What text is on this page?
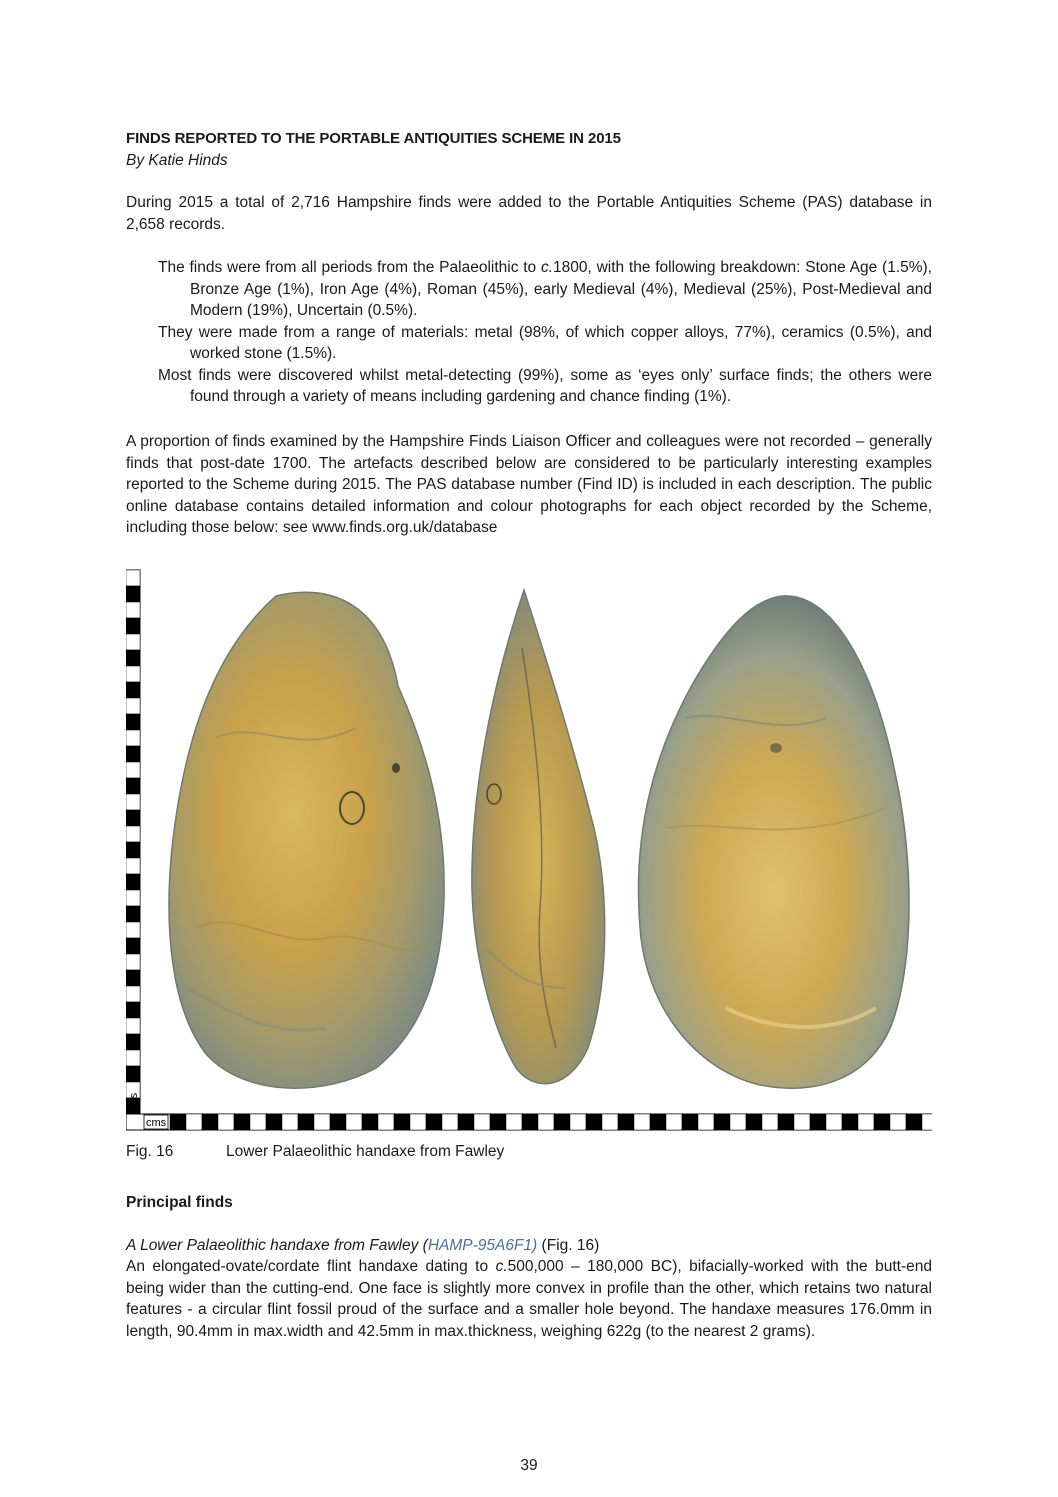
FINDS REPORTED TO THE PORTABLE ANTIQUITIES SCHEME IN 2015
By Katie Hinds

During 2015 a total of 2,716 Hampshire finds were added to the Portable Antiquities Scheme (PAS) database in 2,658 records.

The finds were from all periods from the Palaeolithic to c.1800, with the following breakdown: Stone Age (1.5%), Bronze Age (1%), Iron Age (4%), Roman (45%), early Medieval (4%), Medieval (25%), Post-Medieval and Modern (19%), Uncertain (0.5%).
They were made from a range of materials: metal (98%, of which copper alloys, 77%), ceramics (0.5%), and worked stone (1.5%).
Most finds were discovered whilst metal-detecting (99%), some as ‘eyes only’ surface finds; the others were found through a variety of means including gardening and chance finding (1%).

A proportion of finds examined by the Hampshire Finds Liaison Officer and colleagues were not recorded – generally finds that post-date 1700. The artefacts described below are considered to be particularly interesting examples reported to the Scheme during 2015. The PAS database number (Find ID) is included in each description. The public online database contains detailed information and colour photographs for each object recorded by the Scheme, including those below: see www.finds.org.uk/database

cms
cms
Fig. 16	Lower Palaeolithic handaxe from Fawley
Principal finds
A Lower Palaeolithic handaxe from Fawley (HAMP-95A6F1) (Fig. 16)

An elongated-ovate/cordate flint handaxe dating to c.500,000 – 180,000 BC), bifacially-worked with the butt-end being wider than the cutting-end. One face is slightly more convex in profile than the other, which retains two natural features - a circular flint fossil proud of the surface and a smaller hole beyond. The handaxe measures 176.0mm in length, 90.4mm in max.width and 42.5mm in max.thickness, weighing 622g (to the nearest 2 grams).

39
